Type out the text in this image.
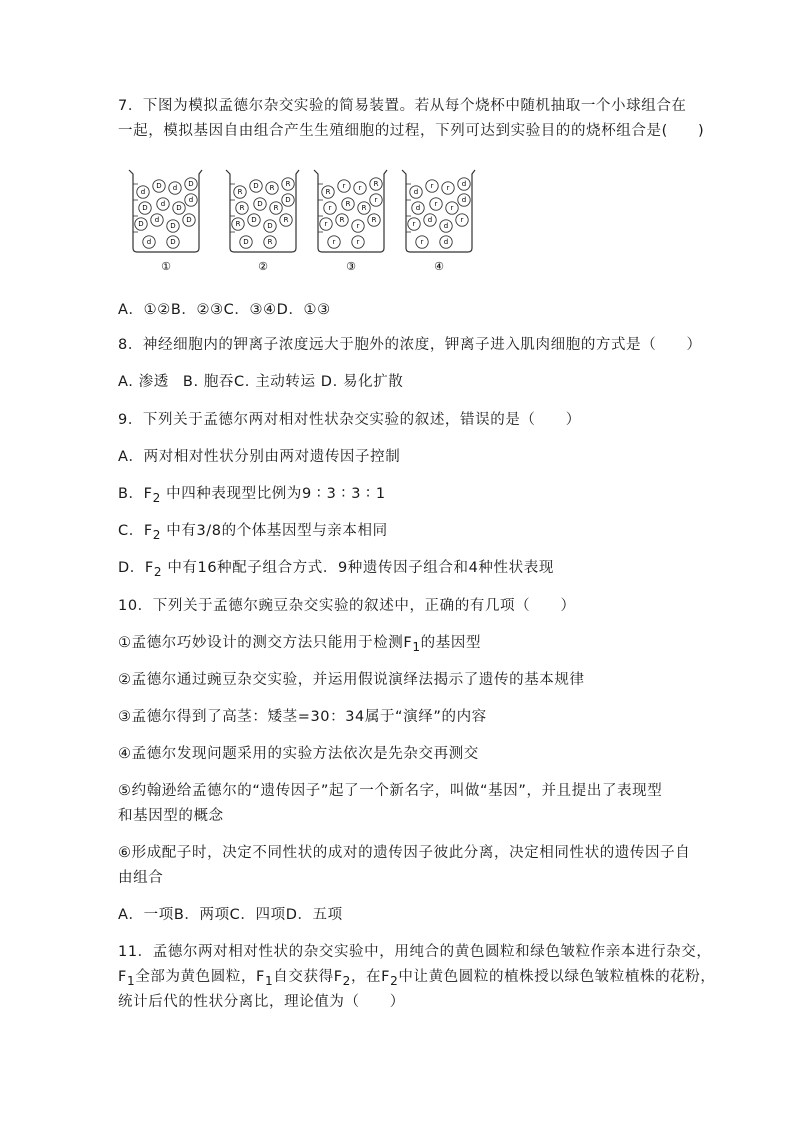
7．下图为模拟孟德尔杂交实验的简易装置。若从每个烧杯中随机抽取一个小球组合在
一起，模拟基因自由组合产生生殖细胞的过程，下列可达到实验目的的烧杯组合是(　　)
d
D d D
D d D
d
D d
D
D
d	D
①
R
D R R
R D R
D
R D
D
R
D	R
②
R
r r R
r R R
r
r R
r
R
r	r
③
d
r r d
d r r
d
r d
d
r
r	d
④
A．①②B．②③C．③④D．①③
8．神经细胞内的钾离子浓度远大于胞外的浓度，钾离子进入肌肉细胞的方式是（　　）
A. 渗透 B. 胞吞C. 主动转运 D. 易化扩散
9．下列关于孟德尔两对相对性状杂交实验的叙述，错误的是（　　）
A．两对相对性状分别由两对遗传因子控制
B．$F_2$ 中四种表现型比例为9 ∶ 3 ∶ 3 ∶ 1
C．$F_2$ 中有3/8的个体基因型与亲本相同
D．$F_2$ 中有16种配子组合方式．9种遗传因子组合和4种性状表现
10．下列关于孟德尔豌豆杂交实验的叙述中，正确的有几项（　　）
①孟德尔巧妙设计的测交方法只能用于检测$F_1$的基因型
②孟德尔通过豌豆杂交实验，并运用假说演绎法揭示了遗传的基本规律
③孟德尔得到了高茎：矮茎=30：34属于“演绎”的内容
④孟德尔发现问题采用的实验方法依次是先杂交再测交
⑤约翰逊给孟德尔的“遗传因子”起了一个新名字，叫做“基因”，并且提出了表现型
和基因型的概念
⑥形成配子时，决定不同性状的成对的遗传因子彼此分离，决定相同性状的遗传因子自
由组合
A．一项B．两项C．四项D．五项
11．孟德尔两对相对性状的杂交实验中，用纯合的黄色圆粒和绿色皱粒作亲本进行杂交，
$F_1$全部为黄色圆粒，$F_1$自交获得$F_2$，在$F_2$中让黄色圆粒的植株授以绿色皱粒植株的花粉，
统计后代的性状分离比，理论值为（　　）
